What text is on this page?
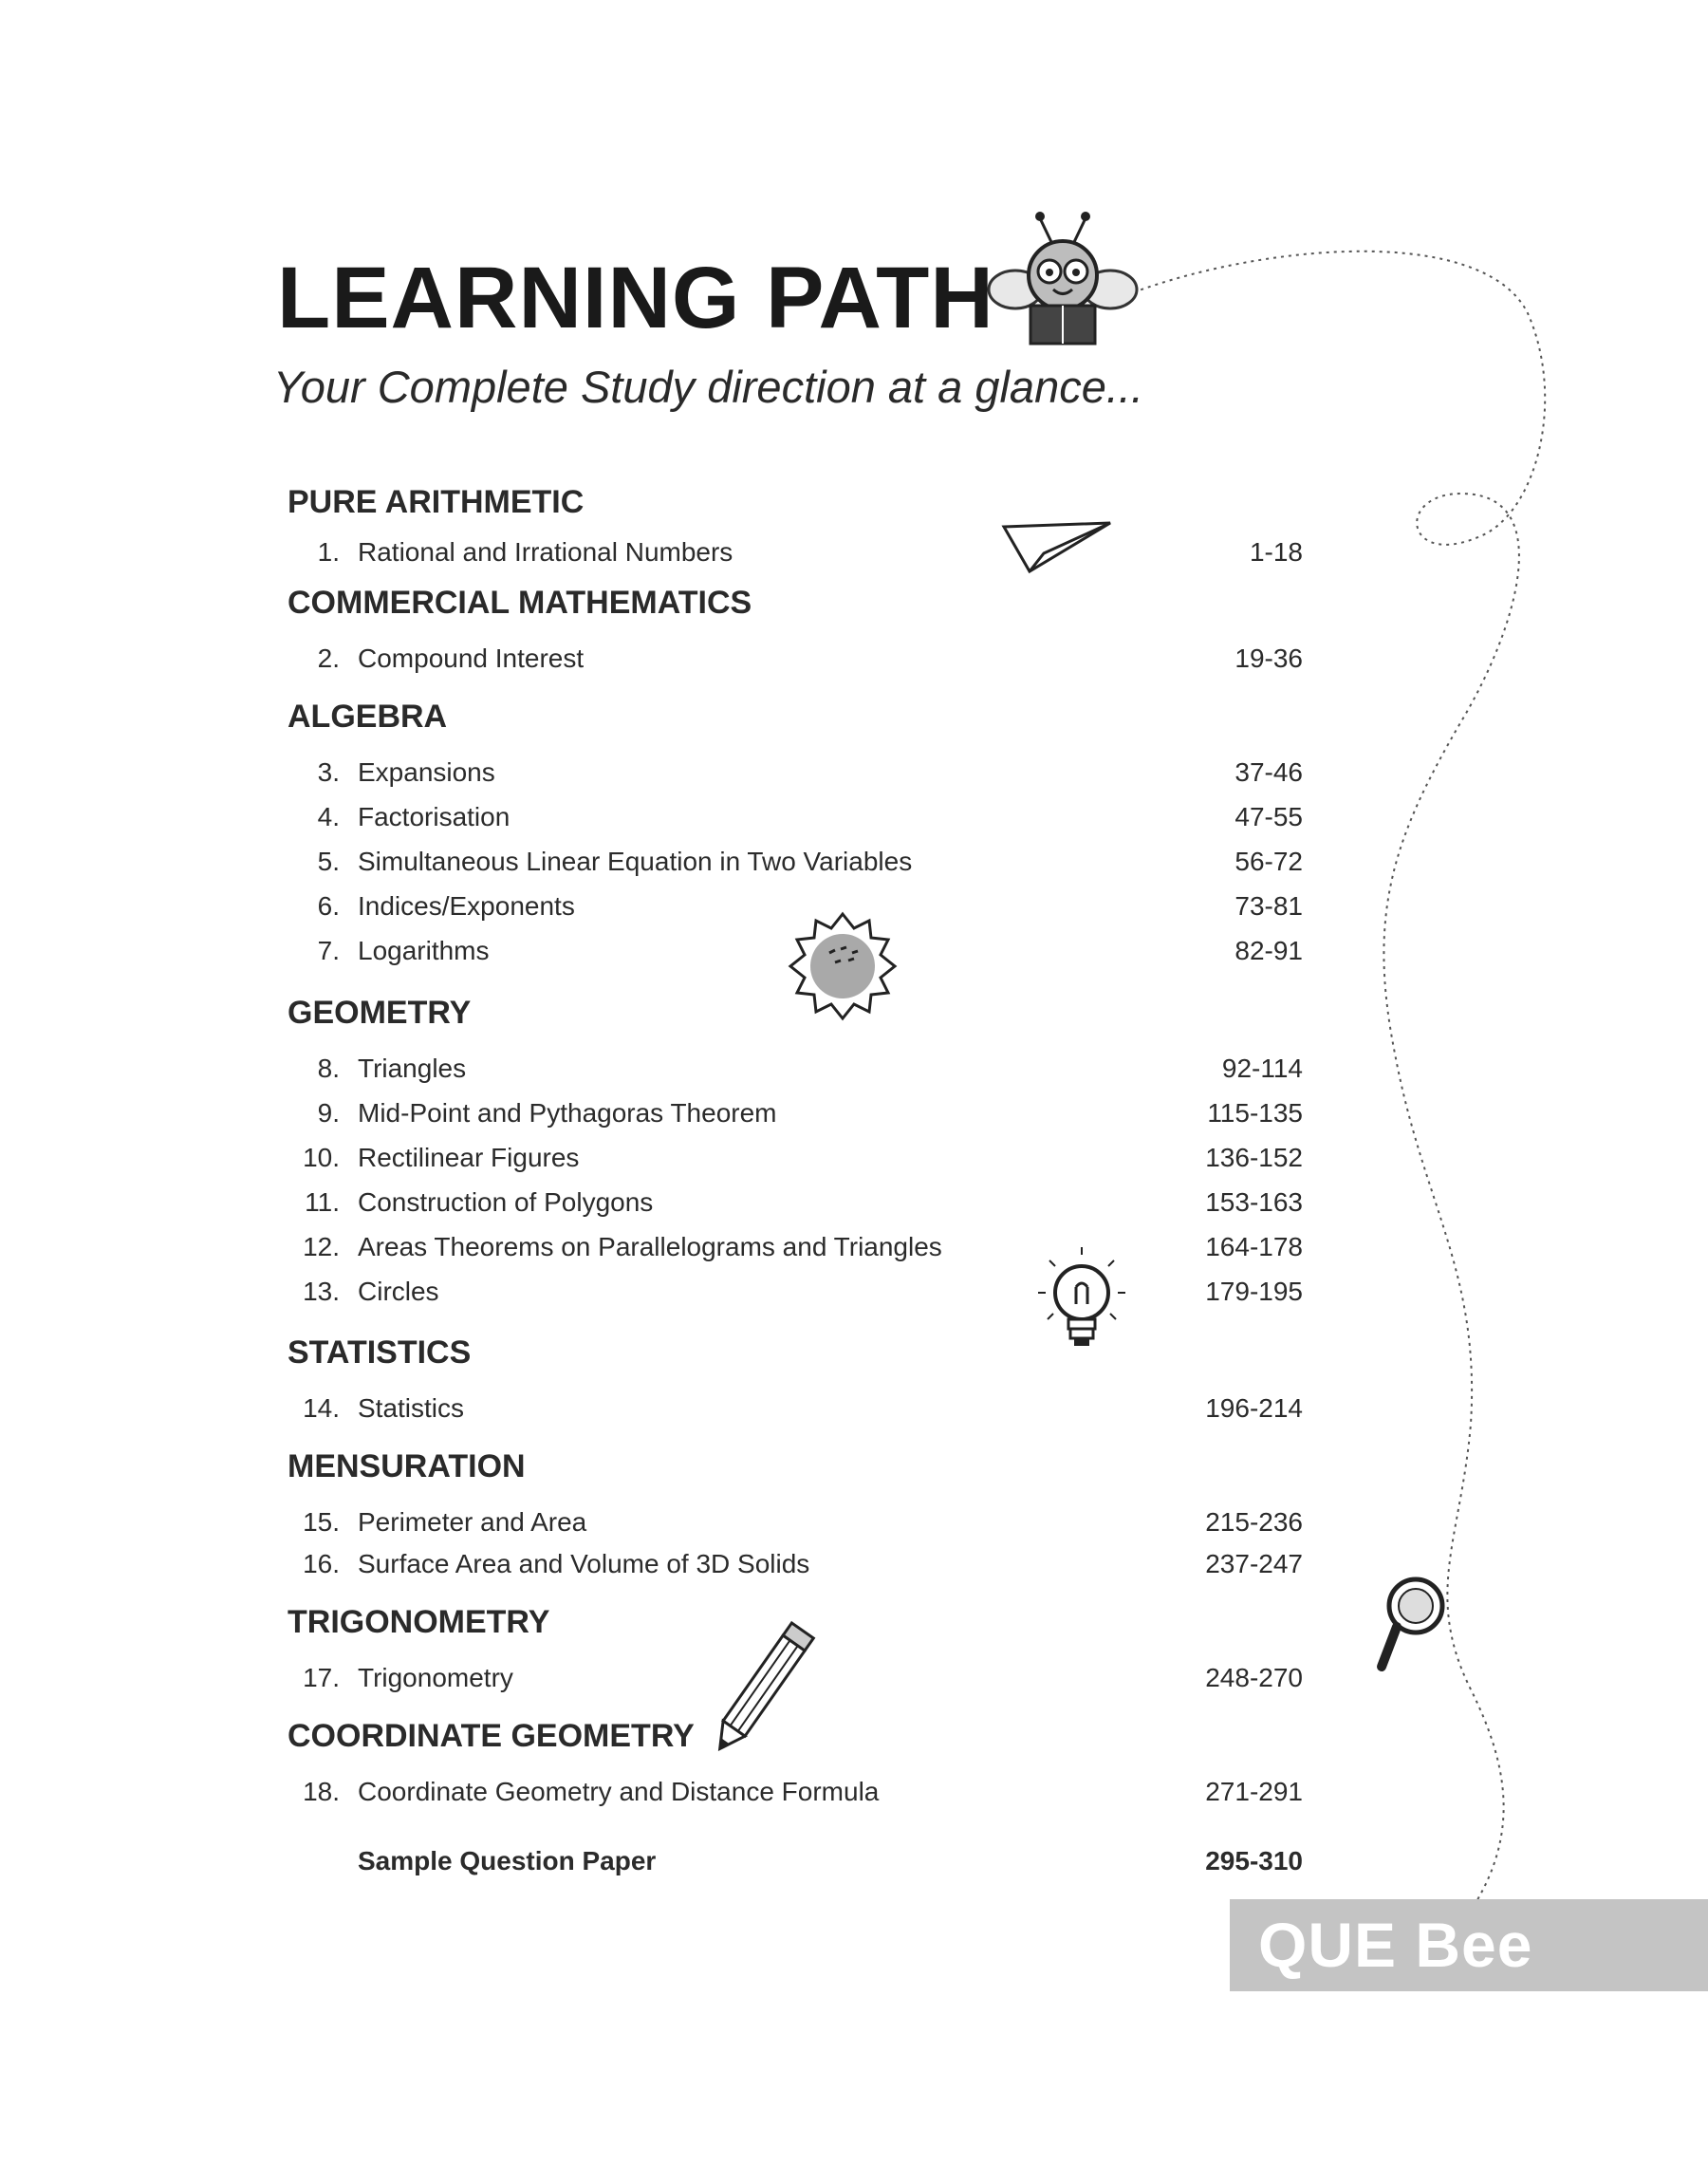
LEARNING PATH

Your Complete Study direction at a glance...

PURE ARITHMETIC
1. Rational and Irrational Numbers	1-18
COMMERCIAL MATHEMATICS
2. Compound Interest	19-36
ALGEBRA
3. Expansions	37-46
4. Factorisation	47-55
5. Simultaneous Linear Equation in Two Variables	56-72
6. Indices/Exponents	73-81
7. Logarithms	82-91
GEOMETRY
8. Triangles	92-114
9. Mid-Point and Pythagoras Theorem	115-135
10. Rectilinear Figures	136-152
11. Construction of Polygons	153-163
12. Areas Theorems on Parallelograms and Triangles	164-178
13. Circles	179-195
STATISTICS
14. Statistics	196-214
MENSURATION
15. Perimeter and Area	215-236
16. Surface Area and Volume of 3D Solids	237-247
TRIGONOMETRY
17. Trigonometry	248-270
COORDINATE GEOMETRY
18. Coordinate Geometry and Distance Formula	271-291
Sample Question Paper	295-310
QUE Bee
